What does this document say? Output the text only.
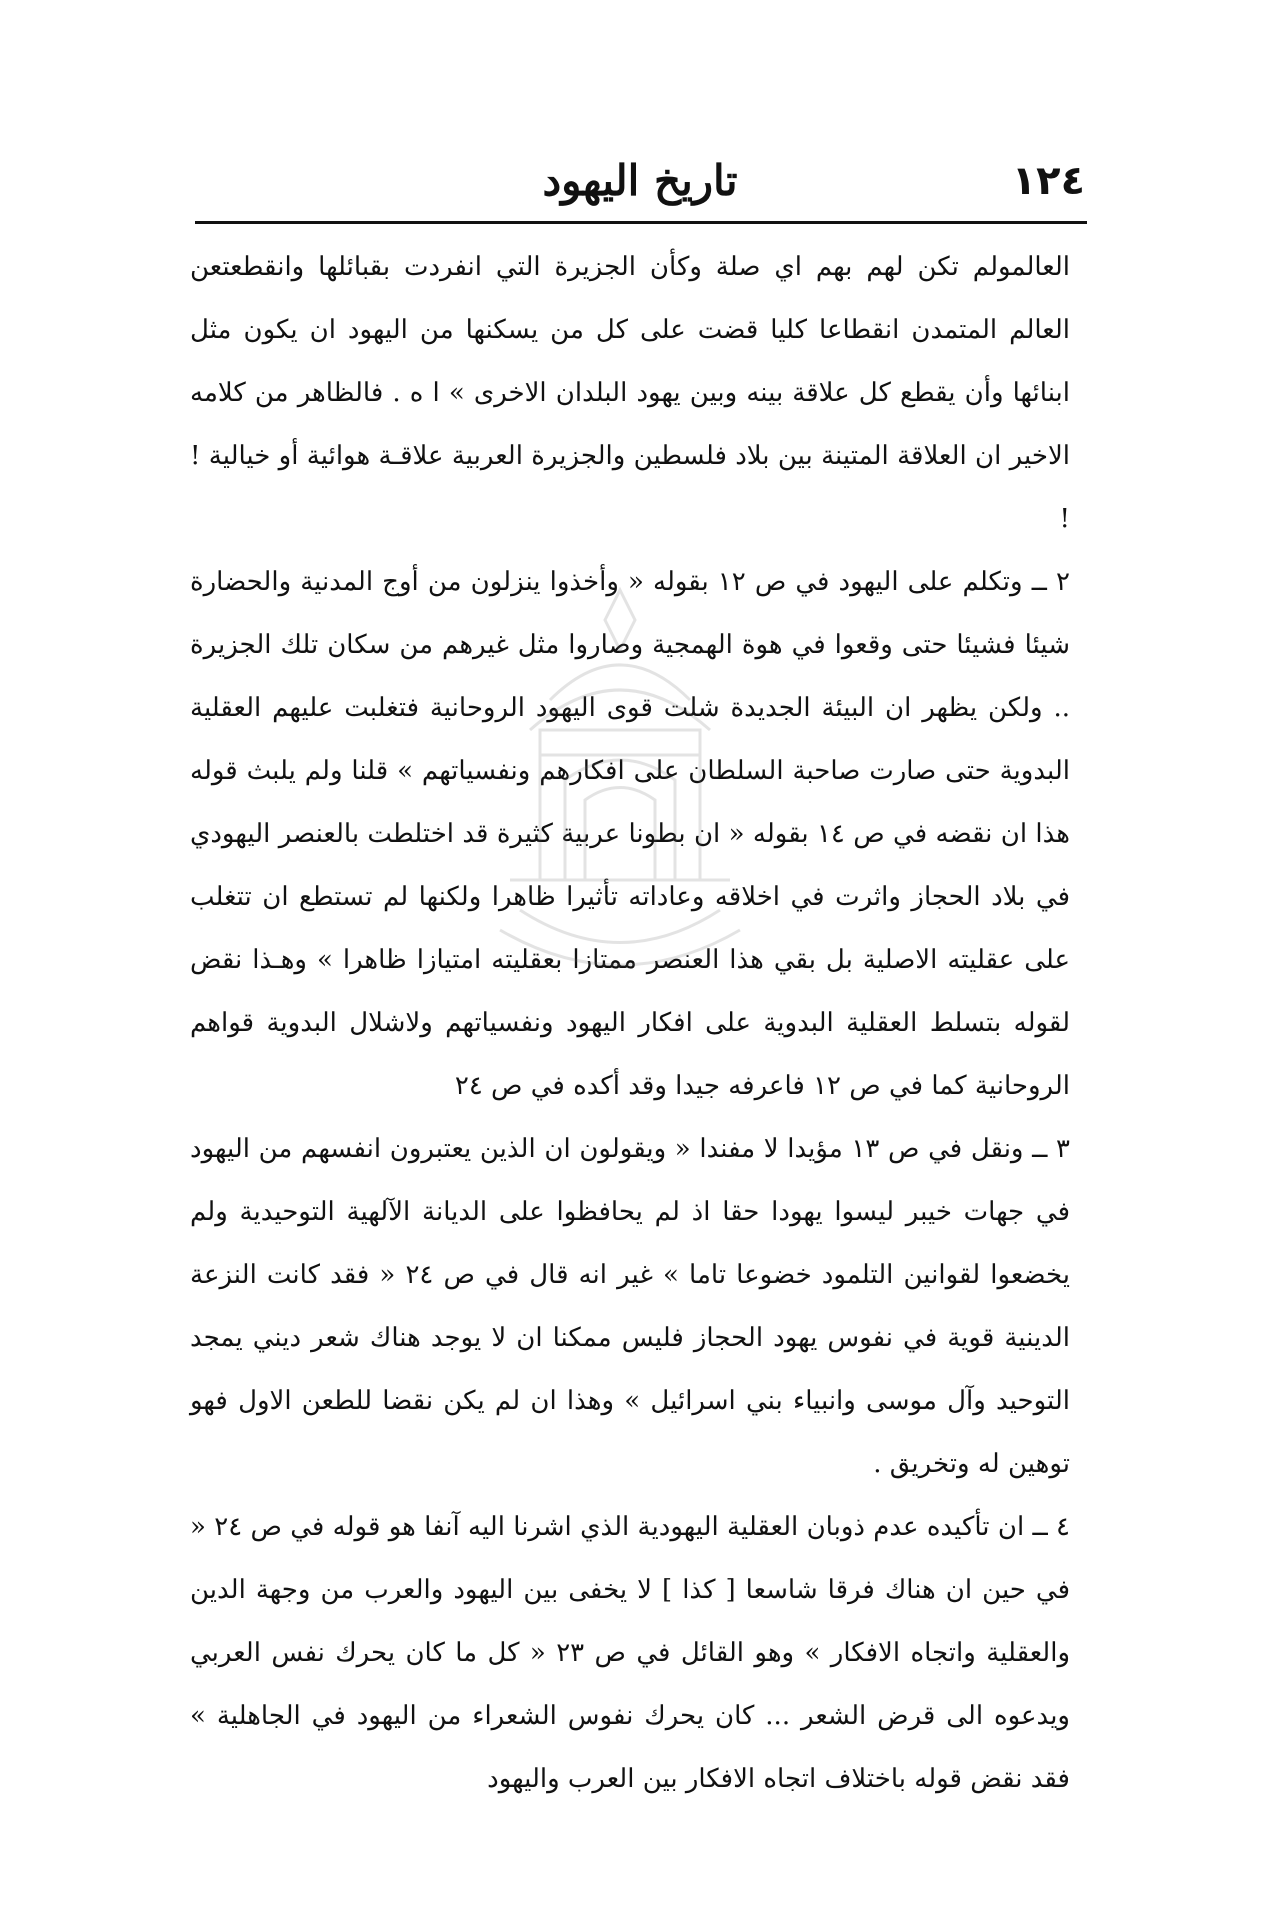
١٢٤
تاريخ اليهود

العالمولم تكن لهم بهم اي صلة وكأن الجزيرة التي انفردت بقبائلها وانقطعتعن العالم المتمدن انقطاعا كليا قضت على كل من يسكنها من اليهود ان يكون مثل ابنائها وأن يقطع كل علاقة بينه وبين يهود البلدان الاخرى » ا ه . فالظاهر من كلامه الاخير ان العلاقة المتينة بين بلاد فلسطين والجزيرة العربية علاقـة هوائية أو خيالية ! !

٢ ــ وتكلم على اليهود في ص ١٢ بقوله « وأخذوا ينزلون من أوج المدنية والحضارة شيئا فشيئا حتى وقعوا في هوة الهمجية وصاروا مثل غيرهم من سكان تلك الجزيرة .. ولكن يظهر ان البيئة الجديدة شلت قوى اليهود الروحانية فتغلبت عليهم العقلية البدوية حتى صارت صاحبة السلطان على افكارهم ونفسياتهم » قلنا ولم يلبث قوله هذا ان نقضه في ص ١٤ بقوله « ان بطونا عربية كثيرة قد اختلطت بالعنصر اليهودي في بلاد الحجاز واثرت في اخلاقه وعاداته تأثيرا ظاهرا ولكنها لم تستطع ان تتغلب على عقليته الاصلية بل بقي هذا العنصر ممتازا بعقليته امتيازا ظاهرا » وهـذا نقض لقوله بتسلط العقلية البدوية على افكار اليهود ونفسياتهم ولاشلال البدوية قواهم الروحانية كما في ص ١٢ فاعرفه جيدا وقد أكده في ص ٢٤

٣ ــ ونقل في ص ١٣ مؤيدا لا مفندا « ويقولون ان الذين يعتبرون انفسهم من اليهود في جهات خيبر ليسوا يهودا حقا اذ لم يحافظوا على الديانة الآلهية التوحيدية ولم يخضعوا لقوانين التلمود خضوعا تاما » غير انه قال في ص ٢٤ « فقد كانت النزعة الدينية قوية في نفوس يهود الحجاز فليس ممكنا ان لا يوجد هناك شعر ديني يمجد التوحيد وآل موسى وانبياء بني اسرائيل » وهذا ان لم يكن نقضا للطعن الاول فهو توهين له وتخريق .

٤ ــ ان تأكيده عدم ذوبان العقلية اليهودية الذي اشرنا اليه آنفا هو قوله في ص ٢٤ « في حين ان هناك فرقا شاسعا [ كذا ] لا يخفى بين اليهود والعرب من وجهة الدين والعقلية واتجاه الافكار » وهو القائل في ص ٢٣ « كل ما كان يحرك نفس العربي ويدعوه الى قرض الشعر ... كان يحرك نفوس الشعراء من اليهود في الجاهلية » فقد نقض قوله باختلاف اتجاه الافكار بين العرب واليهود
